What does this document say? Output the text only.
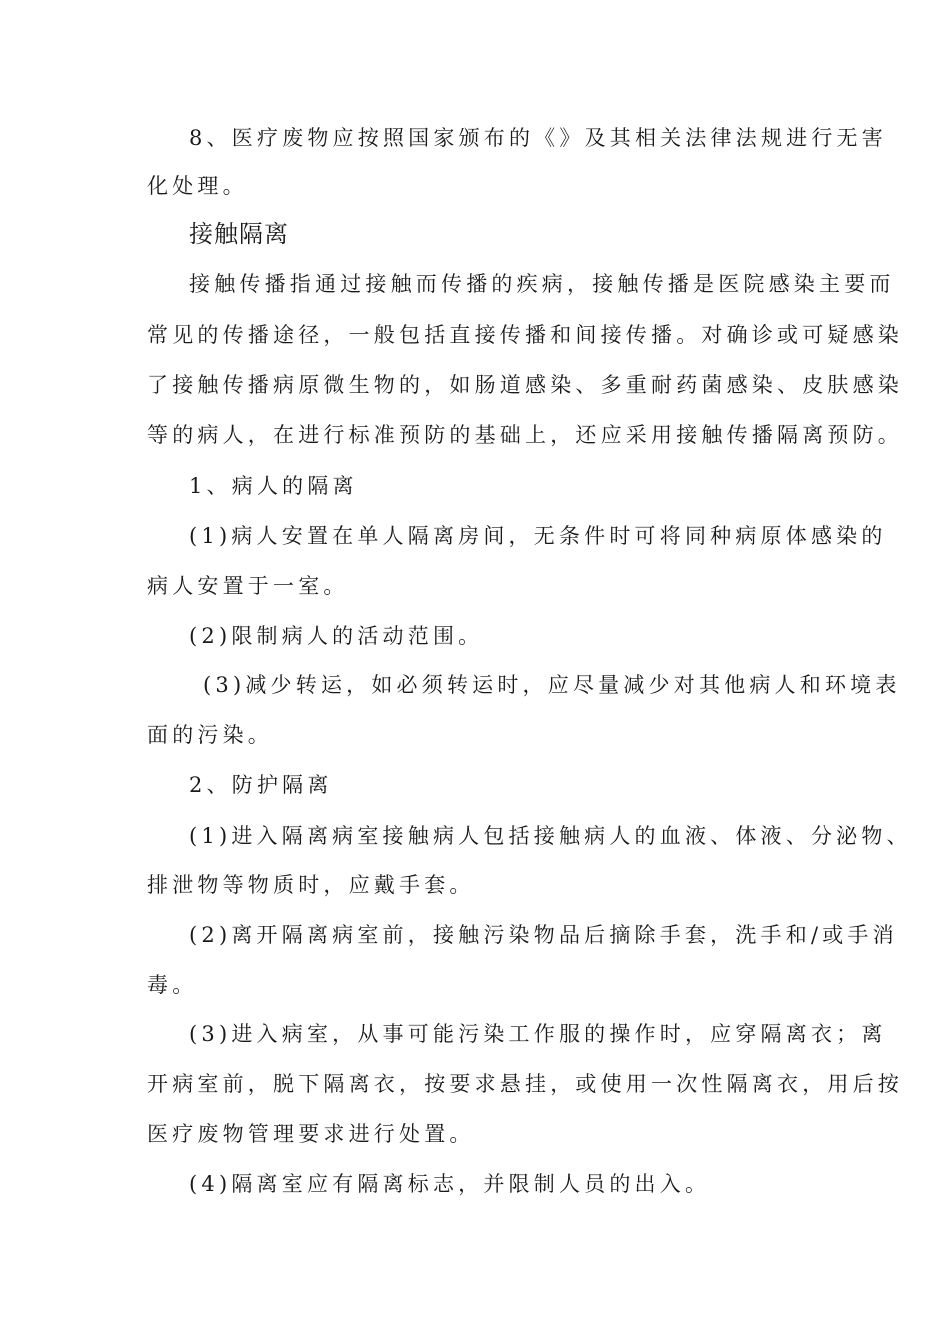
8、医疗废物应按照国家颁布的《》及其相关法律法规进行无害
化处理。
接触隔离
接触传播指通过接触而传播的疾病，接触传播是医院感染主要而
常见的传播途径，一般包括直接传播和间接传播。对确诊或可疑感染
了接触传播病原微生物的，如肠道感染、多重耐药菌感染、皮肤感染
等的病人，在进行标准预防的基础上，还应采用接触传播隔离预防。
1、病人的隔离
(1)病人安置在单人隔离房间，无条件时可将同种病原体感染的
病人安置于一室。
(2)限制病人的活动范围。
(3)减少转运，如必须转运时，应尽量减少对其他病人和环境表
面的污染。
2、防护隔离
(1)进入隔离病室接触病人包括接触病人的血液、体液、分泌物、
排泄物等物质时，应戴手套。
(2)离开隔离病室前，接触污染物品后摘除手套，洗手和/或手消
毒。
(3)进入病室，从事可能污染工作服的操作时，应穿隔离衣；离
开病室前，脱下隔离衣，按要求悬挂，或使用一次性隔离衣，用后按
医疗废物管理要求进行处置。
(4)隔离室应有隔离标志，并限制人员的出入。
